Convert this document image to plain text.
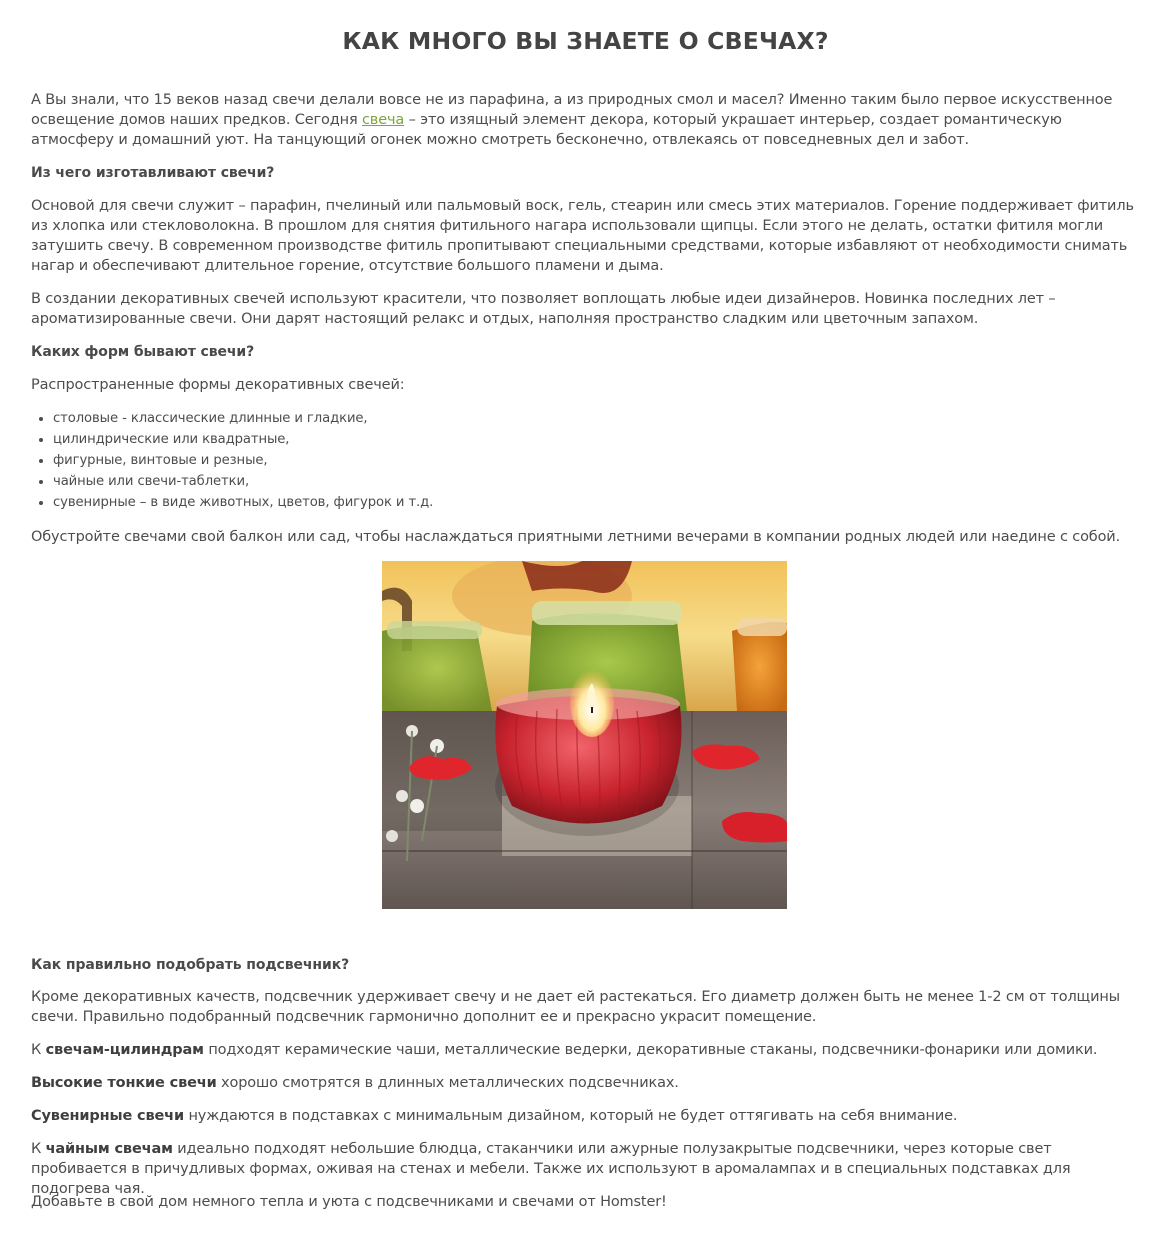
КАК МНОГО ВЫ ЗНАЕТЕ О СВЕЧАХ?

А Вы знали, что 15 веков назад свечи делали вовсе не из парафина, а из природных смол и масел? Именно таким было первое искусственное освещение домов наших предков. Сегодня свеча – это изящный элемент декора, который украшает интерьер, создает романтическую атмосферу и домашний уют. На танцующий огонек можно смотреть бесконечно, отвлекаясь от повседневных дел и забот.

Из чего изготавливают свечи?

Основой для свечи служит – парафин, пчелиный или пальмовый воск, гель, стеарин или смесь этих материалов. Горение поддерживает фитиль из хлопка или стекловолокна. В прошлом для снятия фитильного нагара использовали щипцы. Если этого не делать, остатки фитиля могли затушить свечу. В современном производстве фитиль пропитывают специальными средствами, которые избавляют от необходимости снимать нагар и обеспечивают длительное горение, отсутствие большого пламени и дыма.

В создании декоративных свечей используют красители, что позволяет воплощать любые идеи дизайнеров. Новинка последних лет – ароматизированные свечи. Они дарят настоящий релакс и отдых, наполняя пространство сладким или цветочным запахом.

Каких форм бывают свечи?

Распространенные формы декоративных свечей:

столовые - классические длинные и гладкие,
цилиндрические или квадратные,
фигурные, винтовые и резные,
чайные или свечи-таблетки,
сувенирные – в виде животных, цветов, фигурок и т.д.

Обустройте свечами свой балкон или сад, чтобы наслаждаться приятными летними вечерами в компании родных людей или наедине с собой.

Как правильно подобрать подсвечник?

Кроме декоративных качеств, подсвечник удерживает свечу и не дает ей растекаться. Его диаметр должен быть не менее 1-2 см от толщины свечи. Правильно подобранный подсвечник гармонично дополнит ее и прекрасно украсит помещение.

К свечам-цилиндрам подходят керамические чаши, металлические ведерки, декоративные стаканы, подсвечники-фонарики или домики.

Высокие тонкие свечи хорошо смотрятся в длинных металлических подсвечниках.

Сувенирные свечи нуждаются в подставках с минимальным дизайном, который не будет оттягивать на себя внимание.

К чайным свечам идеально подходят небольшие блюдца, стаканчики или ажурные полузакрытые подсвечники, через которые свет пробивается в причудливых формах, оживая на стенах и мебели. Также их используют в аромалампах и в специальных подставках для подогрева чая.

Добавьте в свой дом немного тепла и уюта с подсвечниками и свечами от Homster!
